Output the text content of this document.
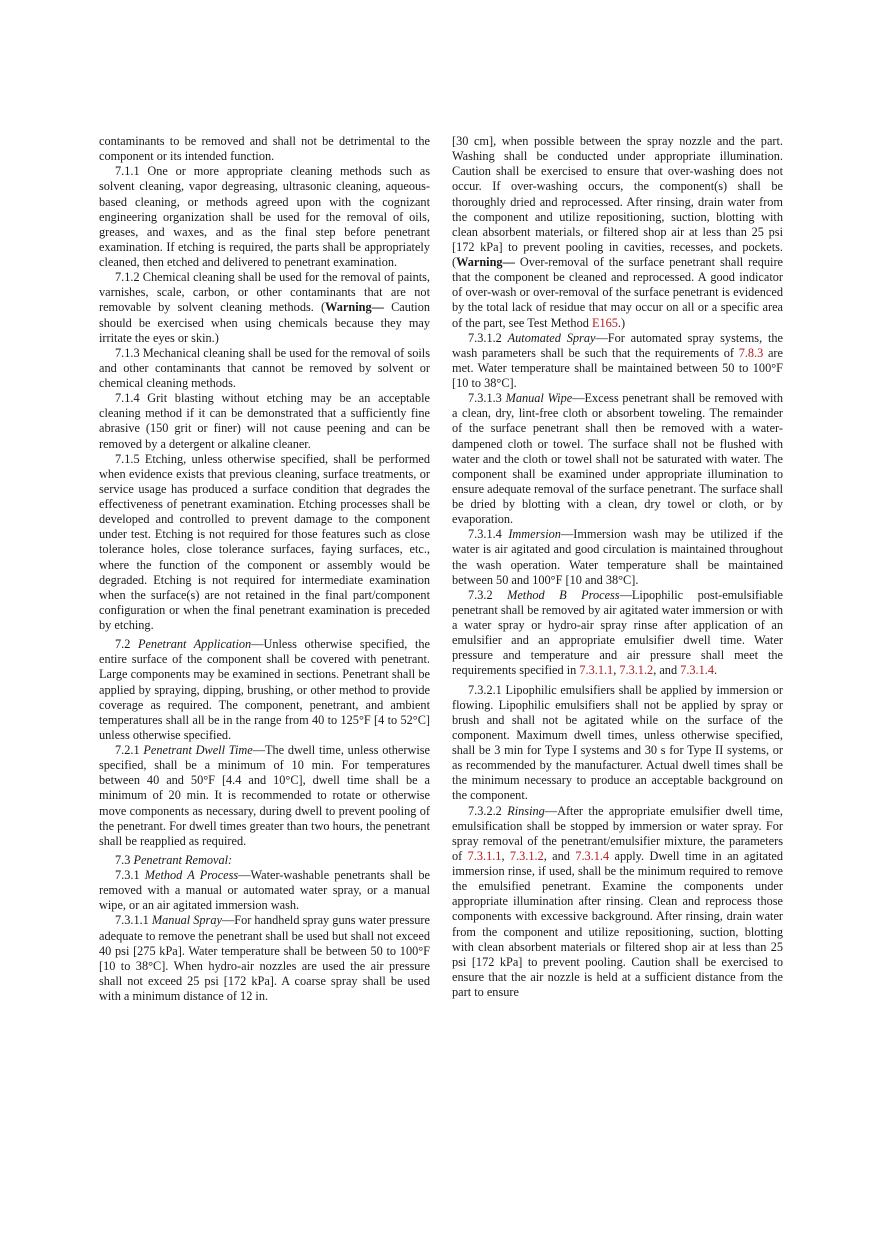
contaminants to be removed and shall not be detrimental to the component or its intended function.

7.1.1 One or more appropriate cleaning methods such as solvent cleaning, vapor degreasing, ultrasonic cleaning, aqueous-based cleaning, or methods agreed upon with the cognizant engineering organization shall be used for the removal of oils, greases, and waxes, and as the final step before penetrant examination. If etching is required, the parts shall be appropriately cleaned, then etched and delivered to penetrant examination.

7.1.2 Chemical cleaning shall be used for the removal of paints, varnishes, scale, carbon, or other contaminants that are not removable by solvent cleaning methods. (Warning— Caution should be exercised when using chemicals because they may irritate the eyes or skin.)

7.1.3 Mechanical cleaning shall be used for the removal of soils and other contaminants that cannot be removed by solvent or chemical cleaning methods.

7.1.4 Grit blasting without etching may be an acceptable cleaning method if it can be demonstrated that a sufficiently fine abrasive (150 grit or finer) will not cause peening and can be removed by a detergent or alkaline cleaner.

7.1.5 Etching, unless otherwise specified, shall be performed when evidence exists that previous cleaning, surface treatments, or service usage has produced a surface condition that degrades the effectiveness of penetrant examination. Etching processes shall be developed and controlled to prevent damage to the component under test. Etching is not required for those features such as close tolerance holes, close tolerance surfaces, faying surfaces, etc., where the function of the component or assembly would be degraded. Etching is not required for intermediate examination when the surface(s) are not retained in the final part/component configuration or when the final penetrant examination is preceded by etching.

7.2 Penetrant Application—Unless otherwise specified, the entire surface of the component shall be covered with penetrant. Large components may be examined in sections. Penetrant shall be applied by spraying, dipping, brushing, or other method to provide coverage as required. The component, penetrant, and ambient temperatures shall all be in the range from 40 to 125°F [4 to 52°C] unless otherwise specified.

7.2.1 Penetrant Dwell Time—The dwell time, unless otherwise specified, shall be a minimum of 10 min. For temperatures between 40 and 50°F [4.4 and 10°C], dwell time shall be a minimum of 20 min. It is recommended to rotate or otherwise move components as necessary, during dwell to prevent pooling of the penetrant. For dwell times greater than two hours, the penetrant shall be reapplied as required.

7.3 Penetrant Removal:

7.3.1 Method A Process—Water-washable penetrants shall be removed with a manual or automated water spray, or a manual wipe, or an air agitated immersion wash.

7.3.1.1 Manual Spray—For handheld spray guns water pressure adequate to remove the penetrant shall be used but shall not exceed 40 psi [275 kPa]. Water temperature shall be between 50 to 100°F [10 to 38°C]. When hydro-air nozzles are used the air pressure shall not exceed 25 psi [172 kPa]. A coarse spray shall be used with a minimum distance of 12 in.

[30 cm], when possible between the spray nozzle and the part. Washing shall be conducted under appropriate illumination. Caution shall be exercised to ensure that over-washing does not occur. If over-washing occurs, the component(s) shall be thoroughly dried and reprocessed. After rinsing, drain water from the component and utilize repositioning, suction, blotting with clean absorbent materials, or filtered shop air at less than 25 psi [172 kPa] to prevent pooling in cavities, recesses, and pockets. (Warning— Over-removal of the surface penetrant shall require that the component be cleaned and reprocessed. A good indicator of over-wash or over-removal of the surface penetrant is evidenced by the total lack of residue that may occur on all or a specific area of the part, see Test Method E165.)

7.3.1.2 Automated Spray—For automated spray systems, the wash parameters shall be such that the requirements of 7.8.3 are met. Water temperature shall be maintained between 50 to 100°F [10 to 38°C].

7.3.1.3 Manual Wipe—Excess penetrant shall be removed with a clean, dry, lint-free cloth or absorbent toweling. The remainder of the surface penetrant shall then be removed with a water-dampened cloth or towel. The surface shall not be flushed with water and the cloth or towel shall not be saturated with water. The component shall be examined under appropriate illumination to ensure adequate removal of the surface penetrant. The surface shall be dried by blotting with a clean, dry towel or cloth, or by evaporation.

7.3.1.4 Immersion—Immersion wash may be utilized if the water is air agitated and good circulation is maintained throughout the wash operation. Water temperature shall be maintained between 50 and 100°F [10 and 38°C].

7.3.2 Method B Process—Lipophilic post-emulsifiable penetrant shall be removed by air agitated water immersion or with a water spray or hydro-air spray rinse after application of an emulsifier and an appropriate emulsifier dwell time. Water pressure and temperature and air pressure shall meet the requirements specified in 7.3.1.1, 7.3.1.2, and 7.3.1.4.

7.3.2.1 Lipophilic emulsifiers shall be applied by immersion or flowing. Lipophilic emulsifiers shall not be applied by spray or brush and shall not be agitated while on the surface of the component. Maximum dwell times, unless otherwise specified, shall be 3 min for Type I systems and 30 s for Type II systems, or as recommended by the manufacturer. Actual dwell times shall be the minimum necessary to produce an acceptable background on the component.

7.3.2.2 Rinsing—After the appropriate emulsifier dwell time, emulsification shall be stopped by immersion or water spray. For spray removal of the penetrant/emulsifier mixture, the parameters of 7.3.1.1, 7.3.1.2, and 7.3.1.4 apply. Dwell time in an agitated immersion rinse, if used, shall be the minimum required to remove the emulsified penetrant. Examine the components under appropriate illumination after rinsing. Clean and reprocess those components with excessive background. After rinsing, drain water from the component and utilize repositioning, suction, blotting with clean absorbent materials or filtered shop air at less than 25 psi [172 kPa] to prevent pooling. Caution shall be exercised to ensure that the air nozzle is held at a sufficient distance from the part to ensure
